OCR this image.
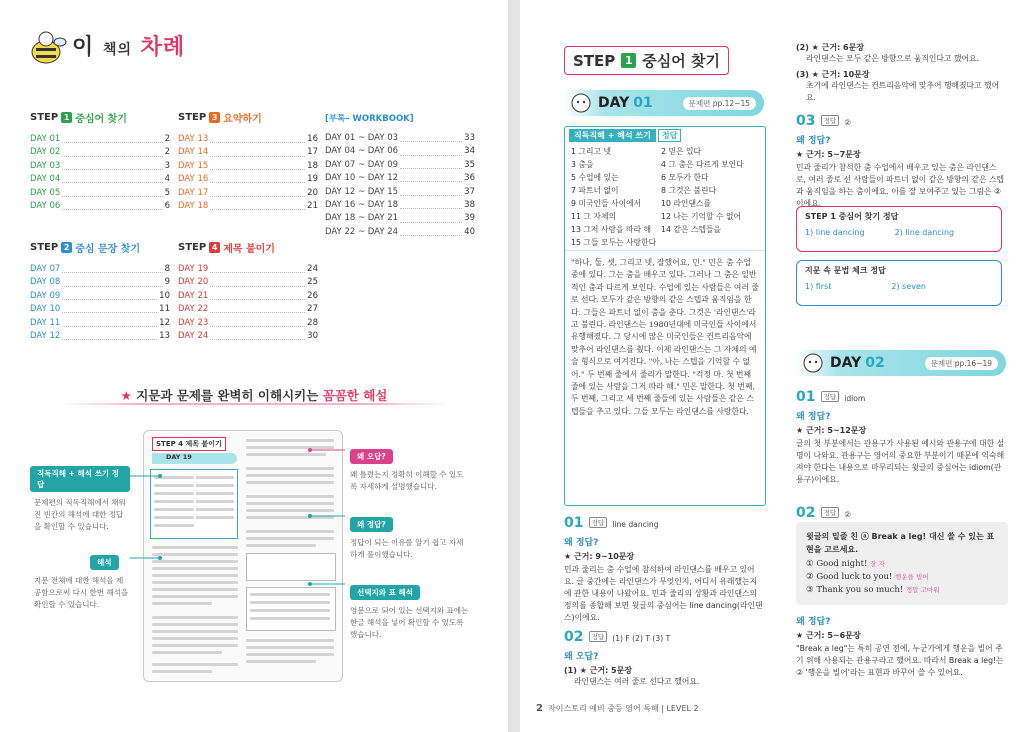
이 책의 차례
STEP 1 중심어 찾기
DAY 01	2
DAY 02	2
DAY 03	3
DAY 04	4
DAY 05	5
DAY 06	6
STEP 2 중심 문장 찾기
DAY 07	8
DAY 08	9
DAY 09	10
DAY 10	11
DAY 11	12
DAY 12	13
STEP 3 요약하기
DAY 13	16
DAY 14	17
DAY 15	18
DAY 16	19
DAY 17	20
DAY 18	21
STEP 4 제목 붙이기
DAY 19	24
DAY 20	25
DAY 21	26
DAY 22	27
DAY 23	28
DAY 24	30
[부록– WORKBOOK]
DAY 01 ~ DAY 03	33
DAY 04 ~ DAY 06	34
DAY 07 ~ DAY 09	35
DAY 10 ~ DAY 12	36
DAY 12 ~ DAY 15	37
DAY 16 ~ DAY 18	38
DAY 18 ~ DAY 21	39
DAY 22 ~ DAY 24	40
★ 지문과 문제를 완벽히 이해시키는 꼼꼼한 해설
직독직해 + 해석 쓰기 정답
문제편의 직독직해에서 채워진 빈칸의 해석에 대한 정답을 확인할 수 있습니다.
해석
지문 전체에 대한 해석을 제공함으로써 다시 한번 해석을 확인할 수 있습니다.
STEP 4 제목 붙이기
DAY 19	왜 오답?
왜 틀렸는지 정확히 이해할 수 있도록 자세하게 설명했습니다.
왜 정답?
정답이 되는 이유를 알기 쉽고 자세하게 풀이했습니다.
선택지와 표 해석
영문으로 되어 있는 선택지와 표에는 한글 해석을 넣어 확인할 수 있도록 했습니다.
STEP 1 중심어 찾기
DAY 01	문제편 pp.12~15
직독직해 + 해석 쓰기 정답
1 그리고 넷	2 믿은 있다
3 춤을	4 그 춤은 다르게 보인다
5 수업에 있는	6 모두가 한다
7 파트너 없이	8 그것은 불린다
9 미국인들 사이에서	10 라인댄스를
11 그 자체의	12 나는 기억할 수 없어
13 그저 사람을 따라 해	14 같은 스텝들을
15 그들 모두는 사랑한다
"하나, 둘, 셋, 그리고 넷, 잘했어요, 민." 민은 춤 수업 중에 있다. 그는 춤을 배우고 있다. 그러나 그 춤은 일반적인 춤과 다르게 보인다. 수업에 있는 사람들은 여러 줄로 선다. 모두가 같은 방향의 같은 스텝과 움직임을 한다. 그들은 파트너 없이 춤을 춘다. 그것은 '라인댄스'라고 불린다. 라인댄스는 1980년대에 미국인들 사이에서 유행해졌다. 그 당시에 많은 미국인들은 컨트리음악에 맞추어 라인댄스를 췄다. 이제 라인댄스는 그 자체의 예술 형식으로 여겨진다. "아, 나는 스텝을 기억할 수 없어." 두 번째 줄에서 줄리가 말한다. "걱정 마. 첫 번째 줄에 있는 사람을 그저 따라 해." 민은 말한다. 첫 번째, 두 번째, 그리고 세 번째 줄들에 있는 사람들은 같은 스텝들을 추고 있다. 그들 모두는 라인댄스를 사랑한다.
01 정답 line dancing
왜 정답?
★ 근거: 9~10문장
민과 줄리는 춤 수업에 참석하여 라인댄스를 배우고 있어요. 글 중간에는 라인댄스가 무엇인지, 어디서 유래했는지에 관한 내용이 나왔어요. 민과 줄리의 상황과 라인댄스의 정의를 종합해 보면 윗글의 중심어는 line dancing(라인댄스)이에요.
02 정답 (1) F (2) T (3) T
왜 오답?
(1) ★ 근거: 5문장
라인댄스는 여러 줄로 선다고 했어요.
(2) ★ 근거: 6문장
라인댄스는 모두 같은 방향으로 움직인다고 했어요.
(3) ★ 근거: 10문장
초기에 라인댄스는 컨트리음악에 맞추어 행해졌다고 했어요.
03 정답 ②
왜 정답?
★ 근거: 5~7문장
민과 줄리가 참석한 춤 수업에서 배우고 있는 춤은 라인댄스로, 여러 줄로 선 사람들이 파트너 없이 같은 방향의 같은 스텝과 움직임을 하는 춤이에요. 이를 잘 보여주고 있는 그림은 ②이에요.
STEP 1 중심어 찾기 정답
1) line dancing	2) line dancing
지문 속 문법 체크 정답
1) first	2) seven
DAY 02	문제편 pp.16~19
01 정답 idiom
왜 정답?
★ 근거: 5~12문장
글의 첫 부분에서는 관용구가 사용된 예시와 관용구에 대한 설명이 나와요. 관용구는 영어의 중요한 부분이기 때문에 익숙해져야 한다는 내용으로 마무리되는 윗글의 중심어는 idiom(관용구)이에요.
02 정답 ②
윗글의 밑줄 친 ⓐ Break a leg! 대신 쓸 수 있는 표현을 고르세요.
① Good night! 잘 자
② Good luck to you! 행운을 빌어
③ Thank you so much! 정말 고마워
왜 정답?
★ 근거: 5~6문장
"Break a leg"는 특히 공연 전에, 누군가에게 행운을 빌어 주기 위해 사용되는 관용구라고 했어요. 따라서 Break a leg!는 ② '행운을 빌어'라는 표현과 바꾸어 쓸 수 있어요.
2 자이스토리 예비 중등 영어 독해 | LEVEL 2
